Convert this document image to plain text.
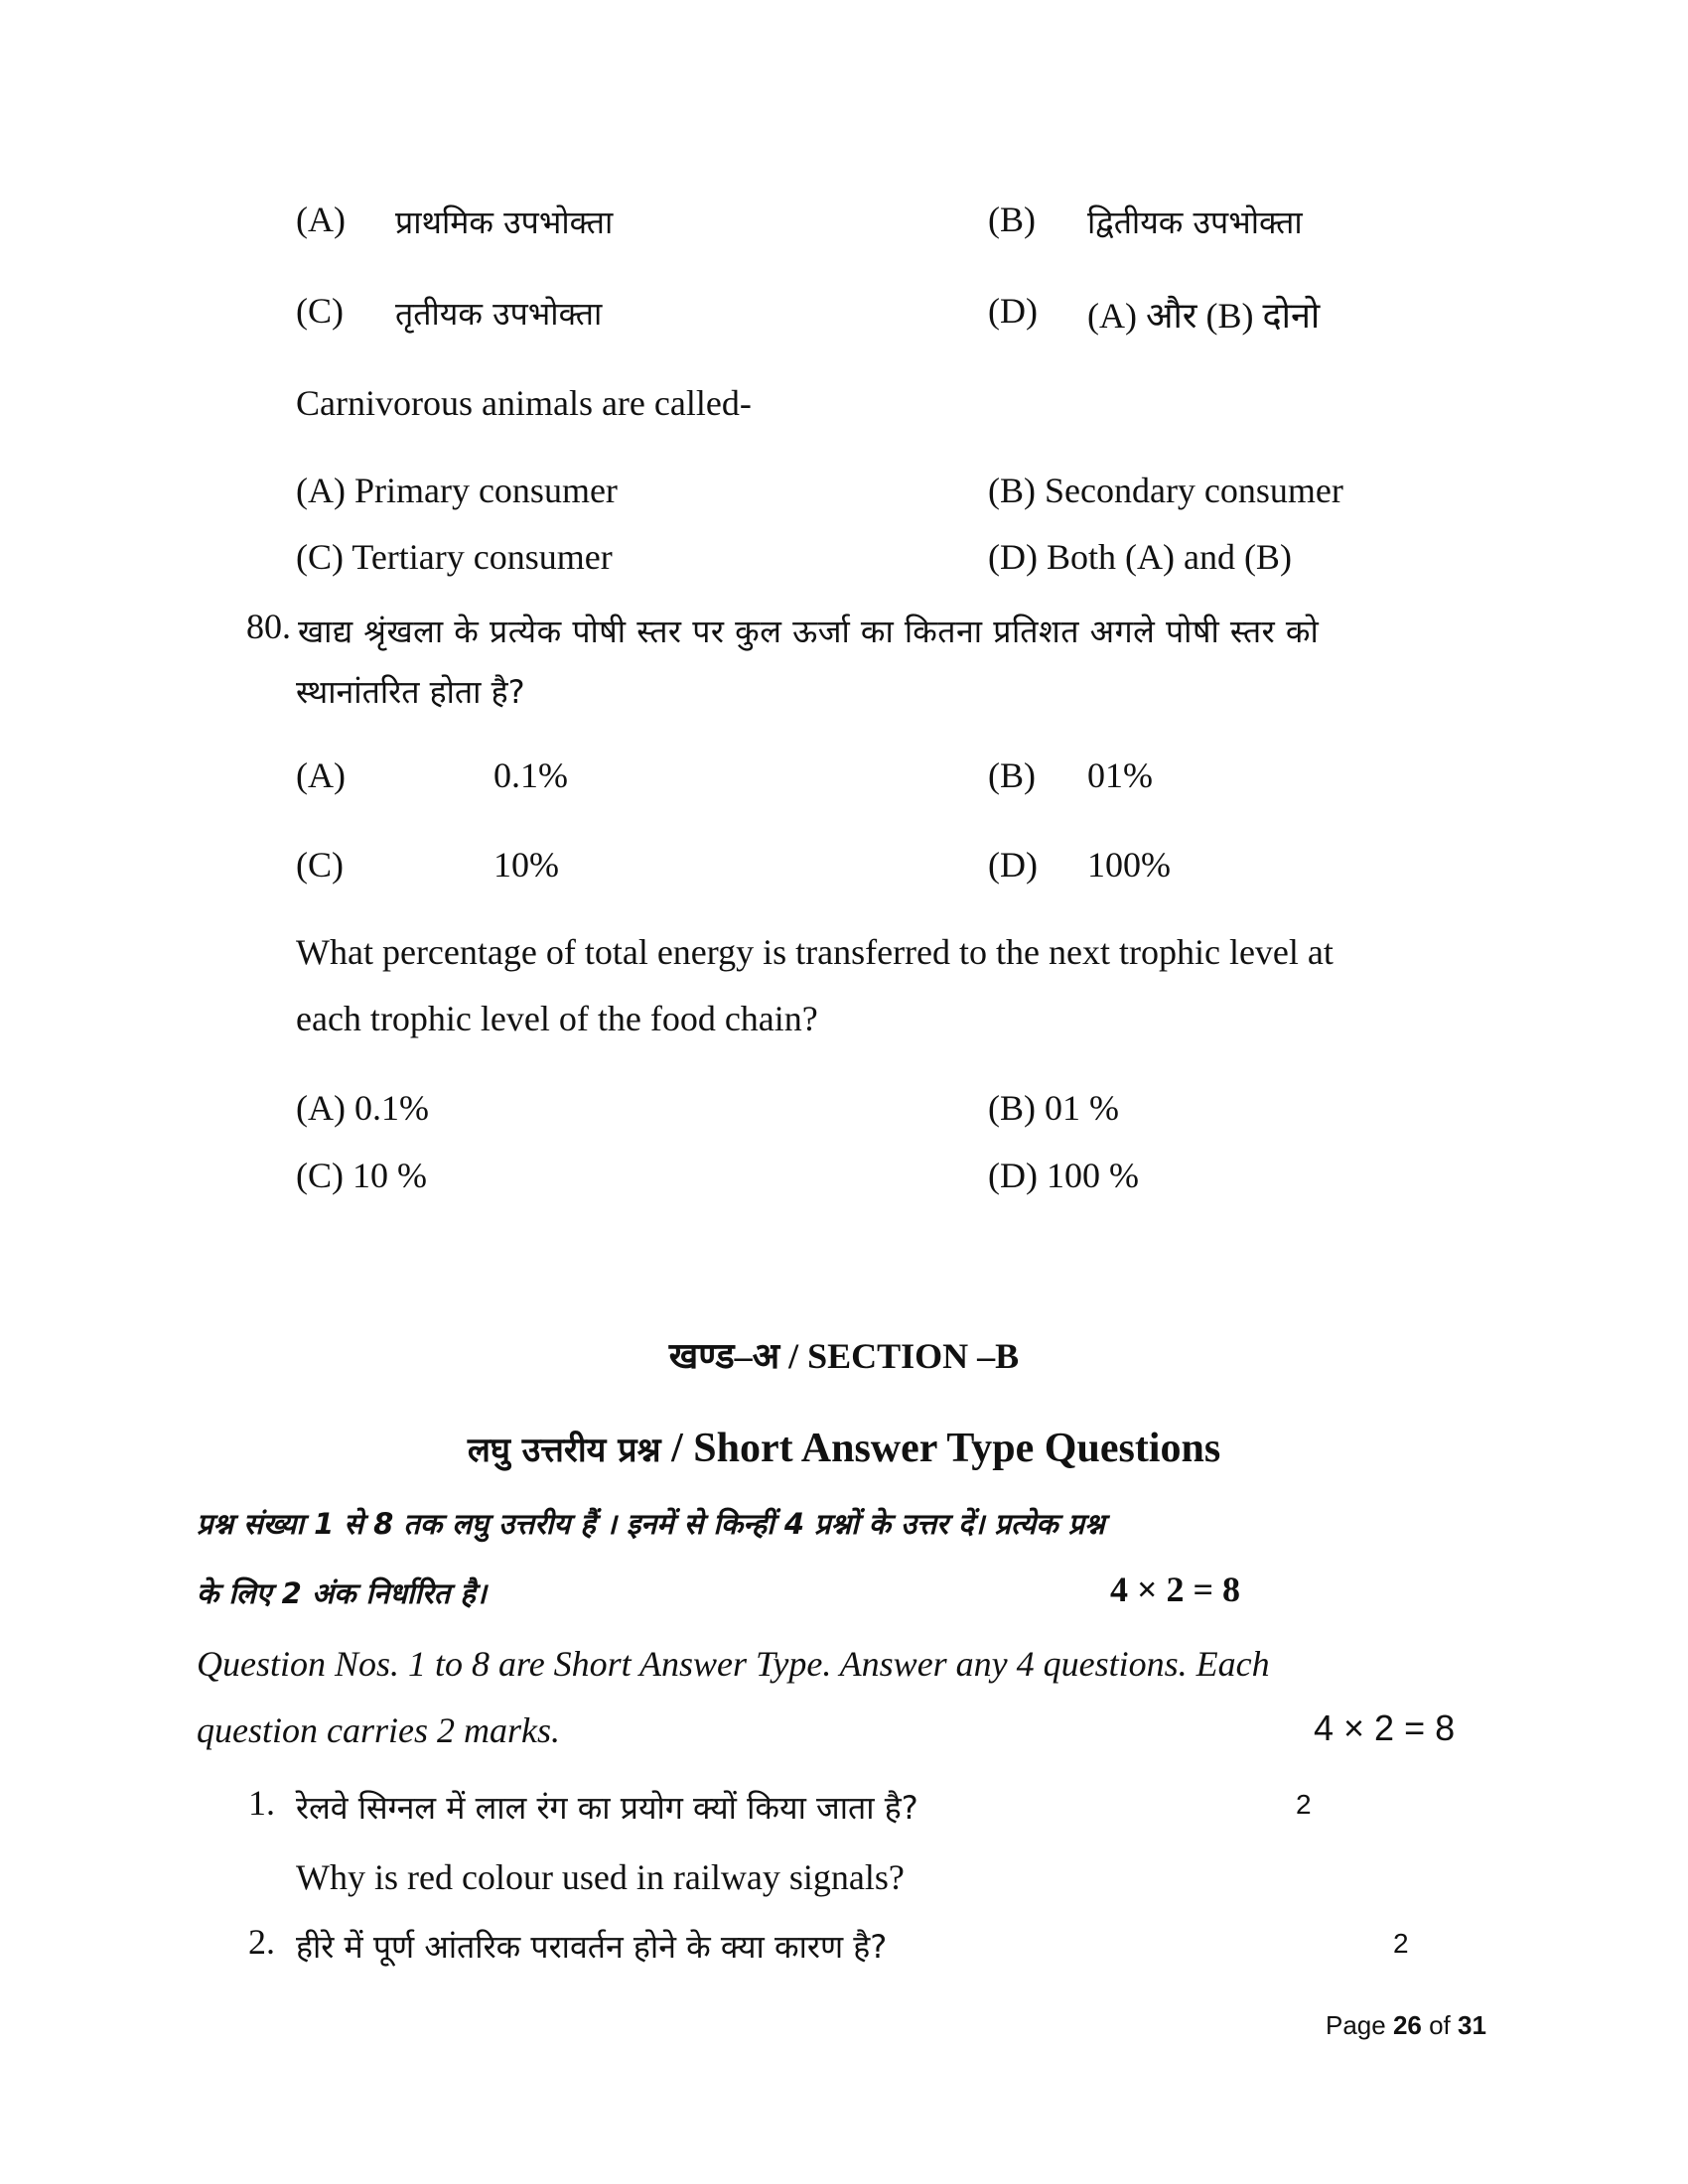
(A) प्राथमिक उपभोक्ता	(B) द्वितीयक उपभोक्ता
(C) तृतीयक उपभोक्ता	(D) (A) और (B) दोनो
Carnivorous animals are called-
(A) Primary consumer	(B) Secondary consumer
(C) Tertiary consumer	(D) Both (A) and (B)
80. खाद्य श्रृंखला के प्रत्येक पोषी स्तर पर कुल ऊर्जा का कितना प्रतिशत अगले पोषी स्तर को
स्थानांतरित होता है?
(A)	0.1%	(B) 01%
(C)	10%	(D) 100%
What percentage of total energy is transferred to the next trophic level at
each trophic level of the food chain?
(A) 0.1%	(B) 01 %
(C) 10 %	(D) 100 %
खण्ड–अ / SECTION –B
लघु उत्तरीय प्रश्न / Short Answer Type Questions
प्रश्न संख्या 1 से 8 तक लघु उत्तरीय हैं । इनमें से किन्हीं 4 प्रश्नों के उत्तर दें। प्रत्येक प्रश्न
के लिए 2 अंक निर्धारित है।	4 × 2 = 8
Question Nos. 1 to 8 are Short Answer Type. Answer any 4 questions. Each
question carries 2 marks.	4 × 2 = 8
1. रेलवे सिग्नल में लाल रंग का प्रयोग क्यों किया जाता है?	2
Why is red colour used in railway signals?
2. हीरे में पूर्ण आंतरिक परावर्तन होने के क्या कारण है?	2
Page 26 of 31
